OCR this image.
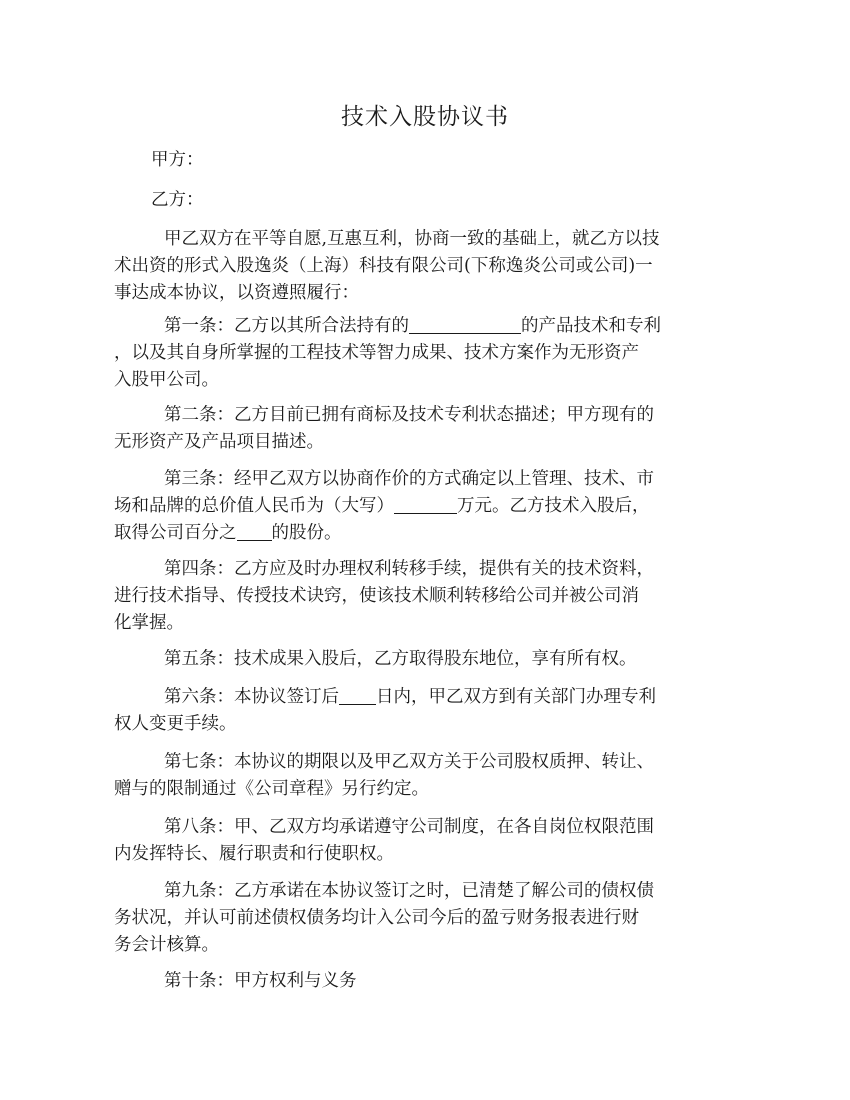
技术入股协议书
甲方：
乙方：
甲乙双方在平等自愿,互惠互利，协商一致的基础上，就乙方以技
术出资的形式入股逸炎（上海）科技有限公司(下称逸炎公司或公司)一
事达成本协议，以资遵照履行：
第一条：乙方以其所合法持有的	的产品技术和专利
，以及其自身所掌握的工程技术等智力成果、技术方案作为无形资产
入股甲公司。
第二条：乙方目前已拥有商标及技术专利状态描述；甲方现有的
无形资产及产品项目描述。
第三条：经甲乙双方以协商作价的方式确定以上管理、技术、市
场和品牌的总价值人民币为（大写）	万元。乙方技术入股后，
取得公司百分之 的股份。
第四条：乙方应及时办理权利转移手续，提供有关的技术资料，
进行技术指导、传授技术诀窍，使该技术顺利转移给公司并被公司消
化掌握。
第五条：技术成果入股后，乙方取得股东地位，享有所有权。
第六条：本协议签订后 日内，甲乙双方到有关部门办理专利
权人变更手续。
第七条：本协议的期限以及甲乙双方关于公司股权质押、转让、
赠与的限制通过《公司章程》另行约定。
第八条：甲、乙双方均承诺遵守公司制度，在各自岗位权限范围
内发挥特长、履行职责和行使职权。
第九条：乙方承诺在本协议签订之时，已清楚了解公司的债权债
务状况，并认可前述债权债务均计入公司今后的盈亏财务报表进行财
务会计核算。
第十条：甲方权利与义务
